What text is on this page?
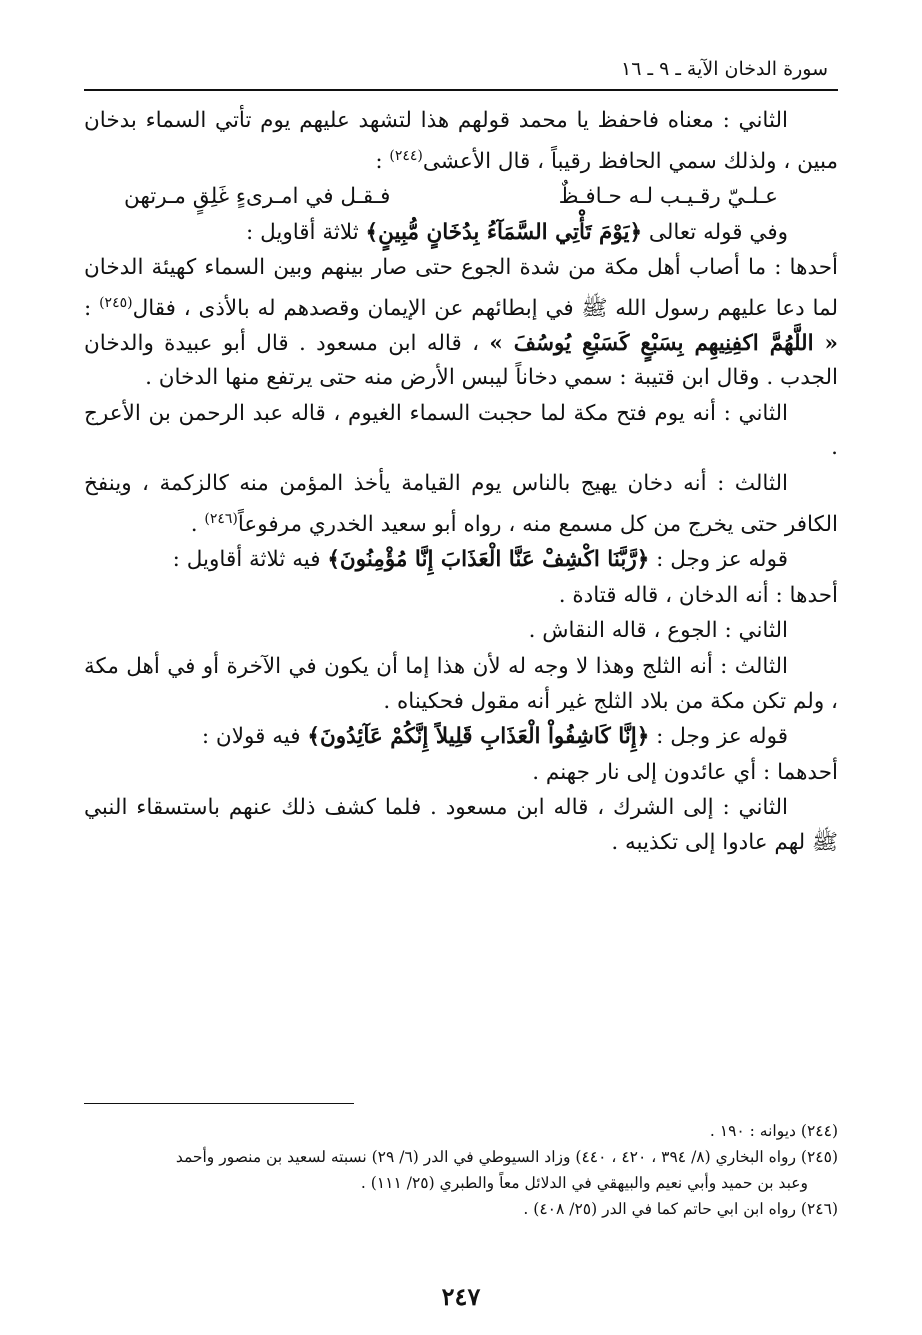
سورة الدخان الآية ـ ٩ ـ ١٦

الثاني : معناه فاحفظ يا محمد قولهم هذا لتشهد عليهم يوم تأتي السماء بدخان مبين ، ولذلك سمي الحافظ رقيباً ، قال الأعشى$^{(٢٤٤)}$ :

عـلـيّ رقـيـب لـه حـافـظٌ
فـقـل في امـرىءٍ غَلِقٍ مـرتهن

وفي قوله تعالى ﴿يَوْمَ تَأْتِي السَّمَآءُ بِدُخَانٍ مُّبِينٍ﴾ ثلاثة أقاويل :

أحدها : ما أصاب أهل مكة من شدة الجوع حتى صار بينهم وبين السماء كهيئة الدخان لما دعا عليهم رسول الله ﷺ في إبطائهم عن الإيمان وقصدهم له بالأذى ، فقال$^{(٢٤٥)}$ : « اللَّهُمَّ اكفِنِيهِم بِسَبْعٍ كَسَبْعِ يُوسُفَ » ، قاله ابن مسعود . قال أبو عبيدة والدخان الجدب . وقال ابن قتيبة : سمي دخاناً ليبس الأرض منه حتى يرتفع منها الدخان .

الثاني : أنه يوم فتح مكة لما حجبت السماء الغيوم ، قاله عبد الرحمن بن الأعرج .

الثالث : أنه دخان يهيج بالناس يوم القيامة يأخذ المؤمن منه كالزكمة ، وينفخ الكافر حتى يخرج من كل مسمع منه ، رواه أبو سعيد الخدري مرفوعاً$^{(٢٤٦)}$ .

قوله عز وجل : ﴿رَّبَّنَا اكْشِفْ عَنَّا الْعَذَابَ إِنَّا مُؤْمِنُونَ﴾ فيه ثلاثة أقاويل :

أحدها : أنه الدخان ، قاله قتادة .

الثاني : الجوع ، قاله النقاش .

الثالث : أنه الثلج وهذا لا وجه له لأن هذا إما أن يكون في الآخرة أو في أهل مكة ، ولم تكن مكة من بلاد الثلج غير أنه مقول فحكيناه .

قوله عز وجل : ﴿إِنَّا كَاشِفُواْ الْعَذَابِ قَلِيلاً إِنَّكُمْ عَآئِدُونَ﴾ فيه قولان :

أحدهما : أي عائدون إلى نار جهنم .

الثاني : إلى الشرك ، قاله ابن مسعود . فلما كشف ذلك عنهم باستسقاء النبي ﷺ لهم عادوا إلى تكذيبه .

(٢٤٤) ديوانه : ١٩٠ .

(٢٤٥) رواه البخاري (٨/ ٣٩٤ ، ٤٢٠ ، ٤٤٠) وزاد السيوطي في الدر (٦/ ٢٩) نسبته لسعيد بن منصور وأحمد

وعبد بن حميد وأبي نعيم والبيهقي في الدلائل معاً والطبري (٢٥/ ١١١) .

(٢٤٦) رواه ابن ابي حاتم كما في الدر (٢٥/ ٤٠٨) .

٢٤٧
